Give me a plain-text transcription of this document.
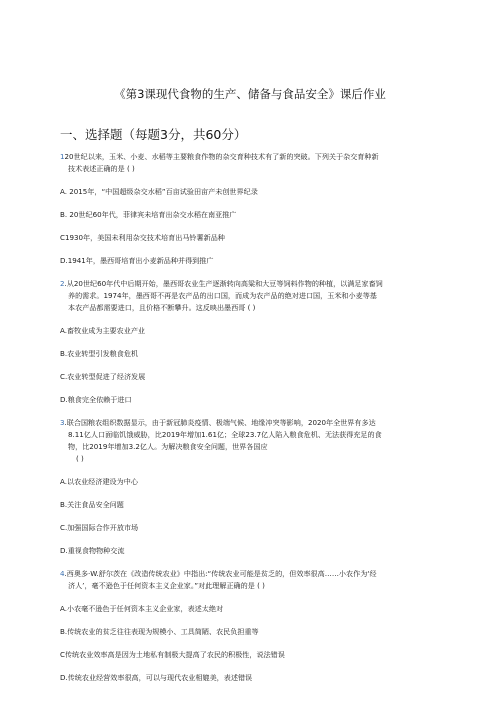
《第3课现代食物的生产、储备与食品安全》课后作业
一、选择题（每题3分，共60分）
120世纪以来，玉米、小麦、水稻等主要粮食作物的杂交育种技术有了新的突破。下列关于杂交育种新
技术表述正确的是 ( )
A. 2015年，“中国超级杂交水稻”百亩试验田亩产未创世界纪录
B. 20世纪60年代，菲律宾未培育出杂交水稻在南亚推广
C1930年，美国未利用杂交技术培育出马铃薯新品种
D.1941年，墨西哥培育出小麦新品种并得到推广
2.从20世纪60年代中后期开始，墨西哥农业生产逐渐转向高粱和大豆等饲料作物的种植，以满足家畜饲
养的需求。1974年，墨西哥不再是农产品的出口国，而成为农产品的绝对进口国，玉米和小麦等基
本农产品都需要进口，且价格不断攀升。这反映出墨西哥 ( )
A.畜牧业成为主要农业产业
B.农业转型引发粮食危机
C.农业转型促进了经济发展
D.粮食完全依赖于进口
3.联合国粮农组织数据显示，由于新冠肺炎疫情、极端气候、地缘冲突等影响，2020年全世界有多达
8.11亿人口面临饥饿威胁，比2019年增加1.61亿；全球23.7亿人陷入粮食危机、无法获得充足的食
物，比2019年增加3.2亿人。为解决粮食安全问题，世界各国应
( )
A.以农业经济建设为中心
B.关注食品安全问题
C.加强国际合作开放市场
D.重视食物物种交流
4.西奥多·W.舒尔茨在《改造传统农业》中指出:“传统农业可能是贫乏的，但效率很高……小农作为‘经
济人’，毫不逊色于任何资本主义企业家。”对此理解正确的是 ( )
A.小农毫不逊色于任何资本主义企业家，表述太绝对
B.传统农业的贫乏往往表现为规模小、工具简陋、农民负担重等
C传统农业效率高是因为土地私有制极大提高了农民的积极性，说法错误
D.传统农业经营效率很高，可以与现代农业相媲美，表述错误
